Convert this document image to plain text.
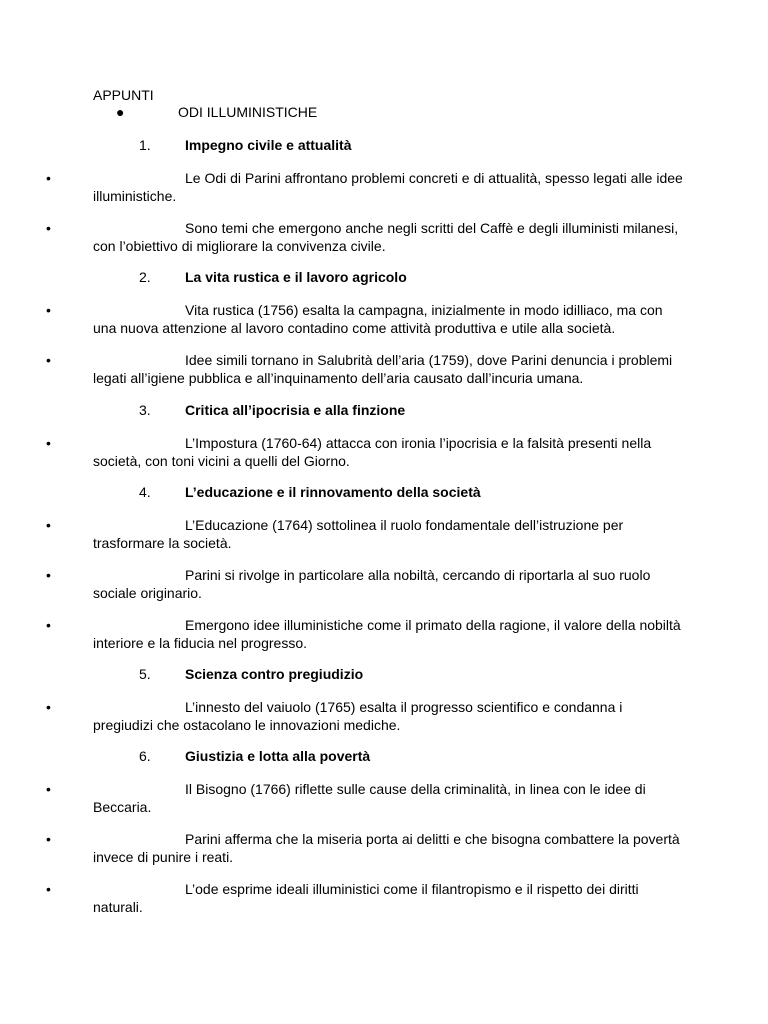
APPUNTI
●	ODI ILLUMINISTICHE
1. Impegno civile e attualità
•	Le Odi di Parini affrontano problemi concreti e di attualità, spesso legati alle idee illuministiche.
•	Sono temi che emergono anche negli scritti del Caffè e degli illuministi milanesi, con l’obiettivo di migliorare la convivenza civile.
2. La vita rustica e il lavoro agricolo
•	Vita rustica (1756) esalta la campagna, inizialmente in modo idilliaco, ma con una nuova attenzione al lavoro contadino come attività produttiva e utile alla società.
•	Idee simili tornano in Salubrità dell’aria (1759), dove Parini denuncia i problemi legati all’igiene pubblica e all’inquinamento dell’aria causato dall’incuria umana.
3. Critica all’ipocrisia e alla finzione
•	L’Impostura (1760-64) attacca con ironia l’ipocrisia e la falsità presenti nella società, con toni vicini a quelli del Giorno.
4. L’educazione e il rinnovamento della società
•	L’Educazione (1764) sottolinea il ruolo fondamentale dell’istruzione per trasformare la società.
•	Parini si rivolge in particolare alla nobiltà, cercando di riportarla al suo ruolo sociale originario.
•	Emergono idee illuministiche come il primato della ragione, il valore della nobiltà interiore e la fiducia nel progresso.
5. Scienza contro pregiudizio
•	L’innesto del vaiuolo (1765) esalta il progresso scientifico e condanna i pregiudizi che ostacolano le innovazioni mediche.
6. Giustizia e lotta alla povertà
•	Il Bisogno (1766) riflette sulle cause della criminalità, in linea con le idee di Beccaria.
•	Parini afferma che la miseria porta ai delitti e che bisogna combattere la povertà invece di punire i reati.
•	L’ode esprime ideali illuministici come il filantropismo e il rispetto dei diritti naturali.
